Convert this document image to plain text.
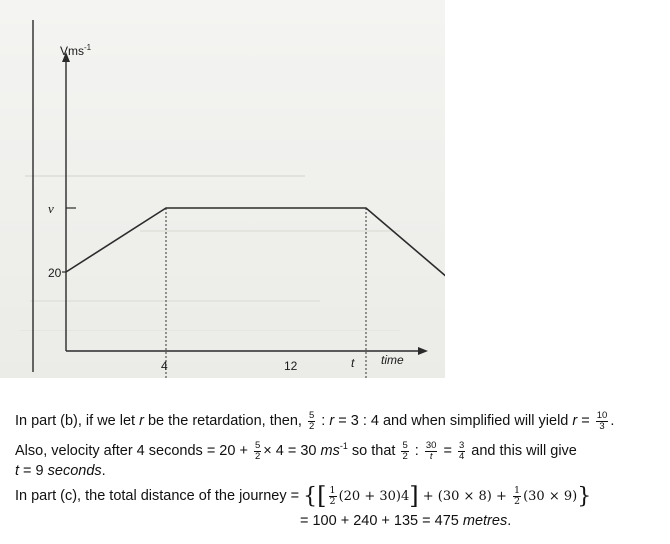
Vms$^{-1}$
v
20
4	12	t time
In part (b), if we let r be the retardation, then, $\frac{5}{2}$ : r = 3 : 4 and when simplified will yield $r = \frac{10}{3}$ .
Also, velocity after 4 seconds = $20 + \frac{5}{2} \times 4 = 30$ $ms^{-1}$ so that $\frac{5}{2}$ : $\frac{30}{t} = \frac{3}{4}$ and this will give
t = 9 seconds.
In part (c), the total distance of the journey = {[ $\frac{1}{2} (20 + 30)4] + (30 \times 8) + \frac{1}{2} (30 \times 9)$}
= 100 + 240 + 135 = 475 metres.
